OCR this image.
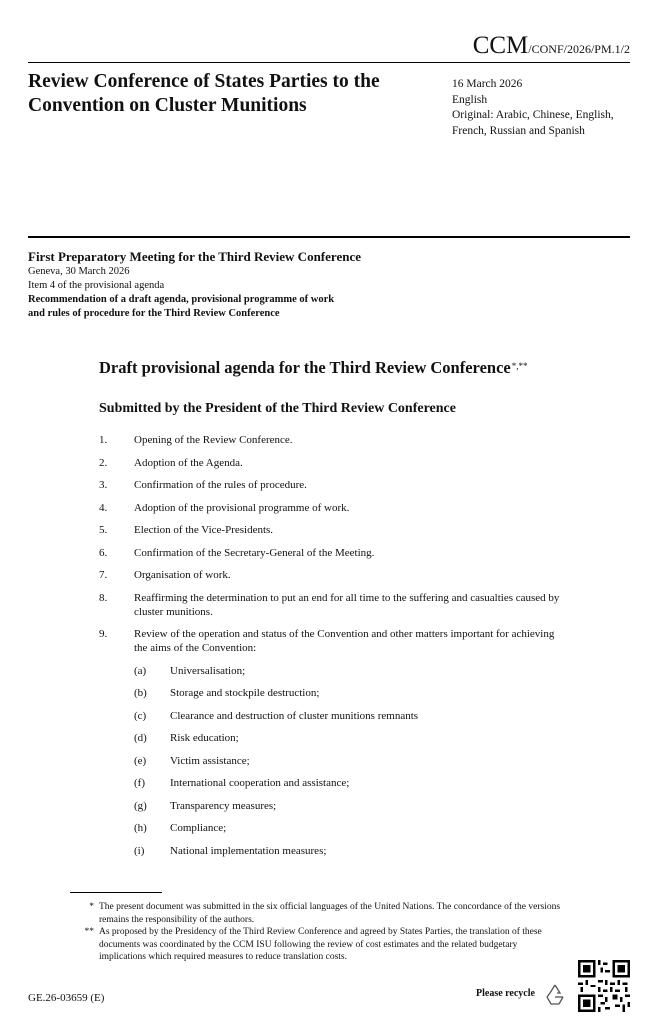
CCM/CONF/2026/PM.1/2
Review Conference of States Parties to the Convention on Cluster Munitions
16 March 2026
English
Original: Arabic, Chinese, English, French, Russian and Spanish
First Preparatory Meeting for the Third Review Conference
Geneva, 30 March 2026
Item 4 of the provisional agenda
Recommendation of a draft agenda, provisional programme of work and rules of procedure for the Third Review Conference
Draft provisional agenda for the Third Review Conference*,**
Submitted by the President of the Third Review Conference
1. Opening of the Review Conference.
2. Adoption of the Agenda.
3. Confirmation of the rules of procedure.
4. Adoption of the provisional programme of work.
5. Election of the Vice-Presidents.
6. Confirmation of the Secretary-General of the Meeting.
7. Organisation of work.
8. Reaffirming the determination to put an end for all time to the suffering and casualties caused by cluster munitions.
9. Review of the operation and status of the Convention and other matters important for achieving the aims of the Convention:
(a) Universalisation;
(b) Storage and stockpile destruction;
(c) Clearance and destruction of cluster munitions remnants
(d) Risk education;
(e) Victim assistance;
(f) International cooperation and assistance;
(g) Transparency measures;
(h) Compliance;
(i) National implementation measures;
* The present document was submitted in the six official languages of the United Nations. The concordance of the versions remains the responsibility of the authors.
** As proposed by the Presidency of the Third Review Conference and agreed by States Parties, the translation of these documents was coordinated by the CCM ISU following the review of cost estimates and the related budgetary implications which required measures to reduce translation costs.
GE.26-03659 (E)	Please recycle
